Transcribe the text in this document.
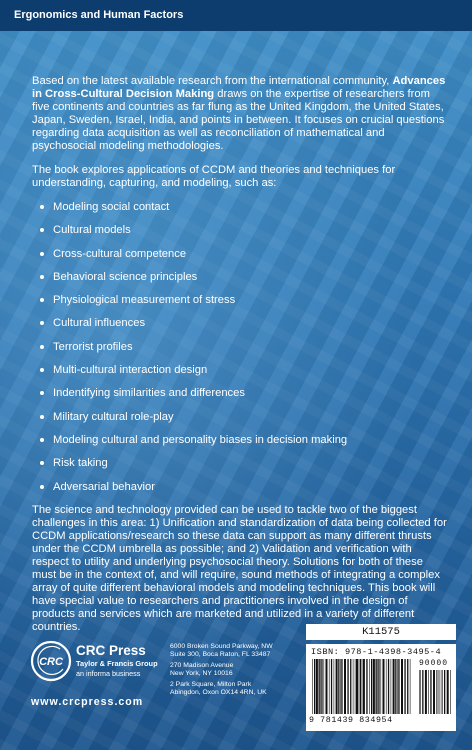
Ergonomics and Human Factors

Based on the latest available research from the international community, Advances in Cross-Cultural Decision Making draws on the expertise of researchers from five continents and countries as far flung as the United Kingdom, the United States, Japan, Sweden, Israel, India, and points in between. It focuses on crucial questions regarding data acquisition as well as reconciliation of mathematical and psychosocial modeling methodologies.

The book explores applications of CCDM and theories and techniques for understanding, capturing, and modeling, such as:

Modeling social contact
Cultural models
Cross-cultural competence
Behavioral science principles
Physiological measurement of stress
Cultural influences
Terrorist profiles
Multi-cultural interaction design
Indentifying similarities and differences
Military cultural role-play
Modeling cultural and personality biases in decision making
Risk taking
Adversarial behavior

The science and technology provided can be used to tackle two of the biggest challenges in this area: 1) Unification and standardization of data being collected for CCDM applications/research so these data can support as many different thrusts under the CCDM umbrella as possible; and 2) Validation and verification with respect to utility and underlying psychosocial theory. Solutions for both of these must be in the context of, and will require, sound methods of integrating a complex array of quite different behavioral models and modeling techniques. This book will have special value to researchers and practitioners involved in the design of products and services which are marketed and utilized in a variety of different countries.

CRC
CRC Press
Taylor & Francis Group
an informa business
www.crcpress.com
6000 Broken Sound Parkway, NW
Suite 300, Boca Raton, FL 33487
270 Madison Avenue
New York, NY 10016
2 Park Square, Milton Park
Abingdon, Oxon OX14 4RN, UK
K11575
ISBN: 978-1-4398-3495-4
90000
9 781439 834954
